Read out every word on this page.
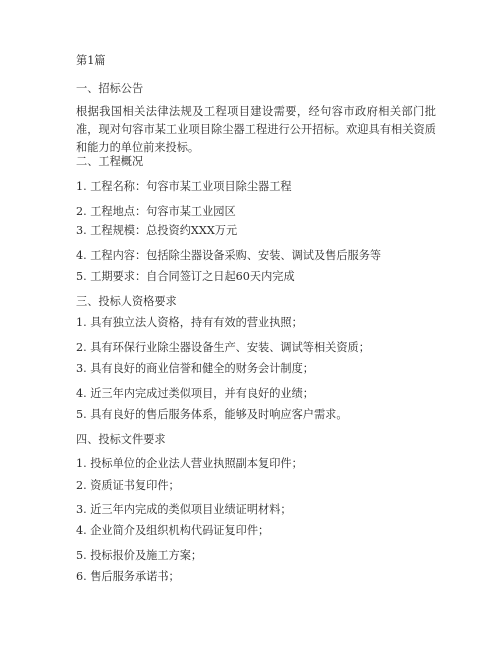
第1篇
一、招标公告
根据我国相关法律法规及工程项目建设需要，经句容市政府相关部门批准，现对句容市某工业项目除尘器工程进行公开招标。欢迎具有相关资质和能力的单位前来投标。
二、工程概况
1. 工程名称：句容市某工业项目除尘器工程
2. 工程地点：句容市某工业园区
3. 工程规模：总投资约XXX万元
4. 工程内容：包括除尘器设备采购、安装、调试及售后服务等
5. 工期要求：自合同签订之日起60天内完成
三、投标人资格要求
1. 具有独立法人资格，持有有效的营业执照；
2. 具有环保行业除尘器设备生产、安装、调试等相关资质；
3. 具有良好的商业信誉和健全的财务会计制度；
4. 近三年内完成过类似项目，并有良好的业绩；
5. 具有良好的售后服务体系，能够及时响应客户需求。
四、投标文件要求
1. 投标单位的企业法人营业执照副本复印件；
2. 资质证书复印件；
3. 近三年内完成的类似项目业绩证明材料；
4. 企业简介及组织机构代码证复印件；
5. 投标报价及施工方案；
6. 售后服务承诺书；
